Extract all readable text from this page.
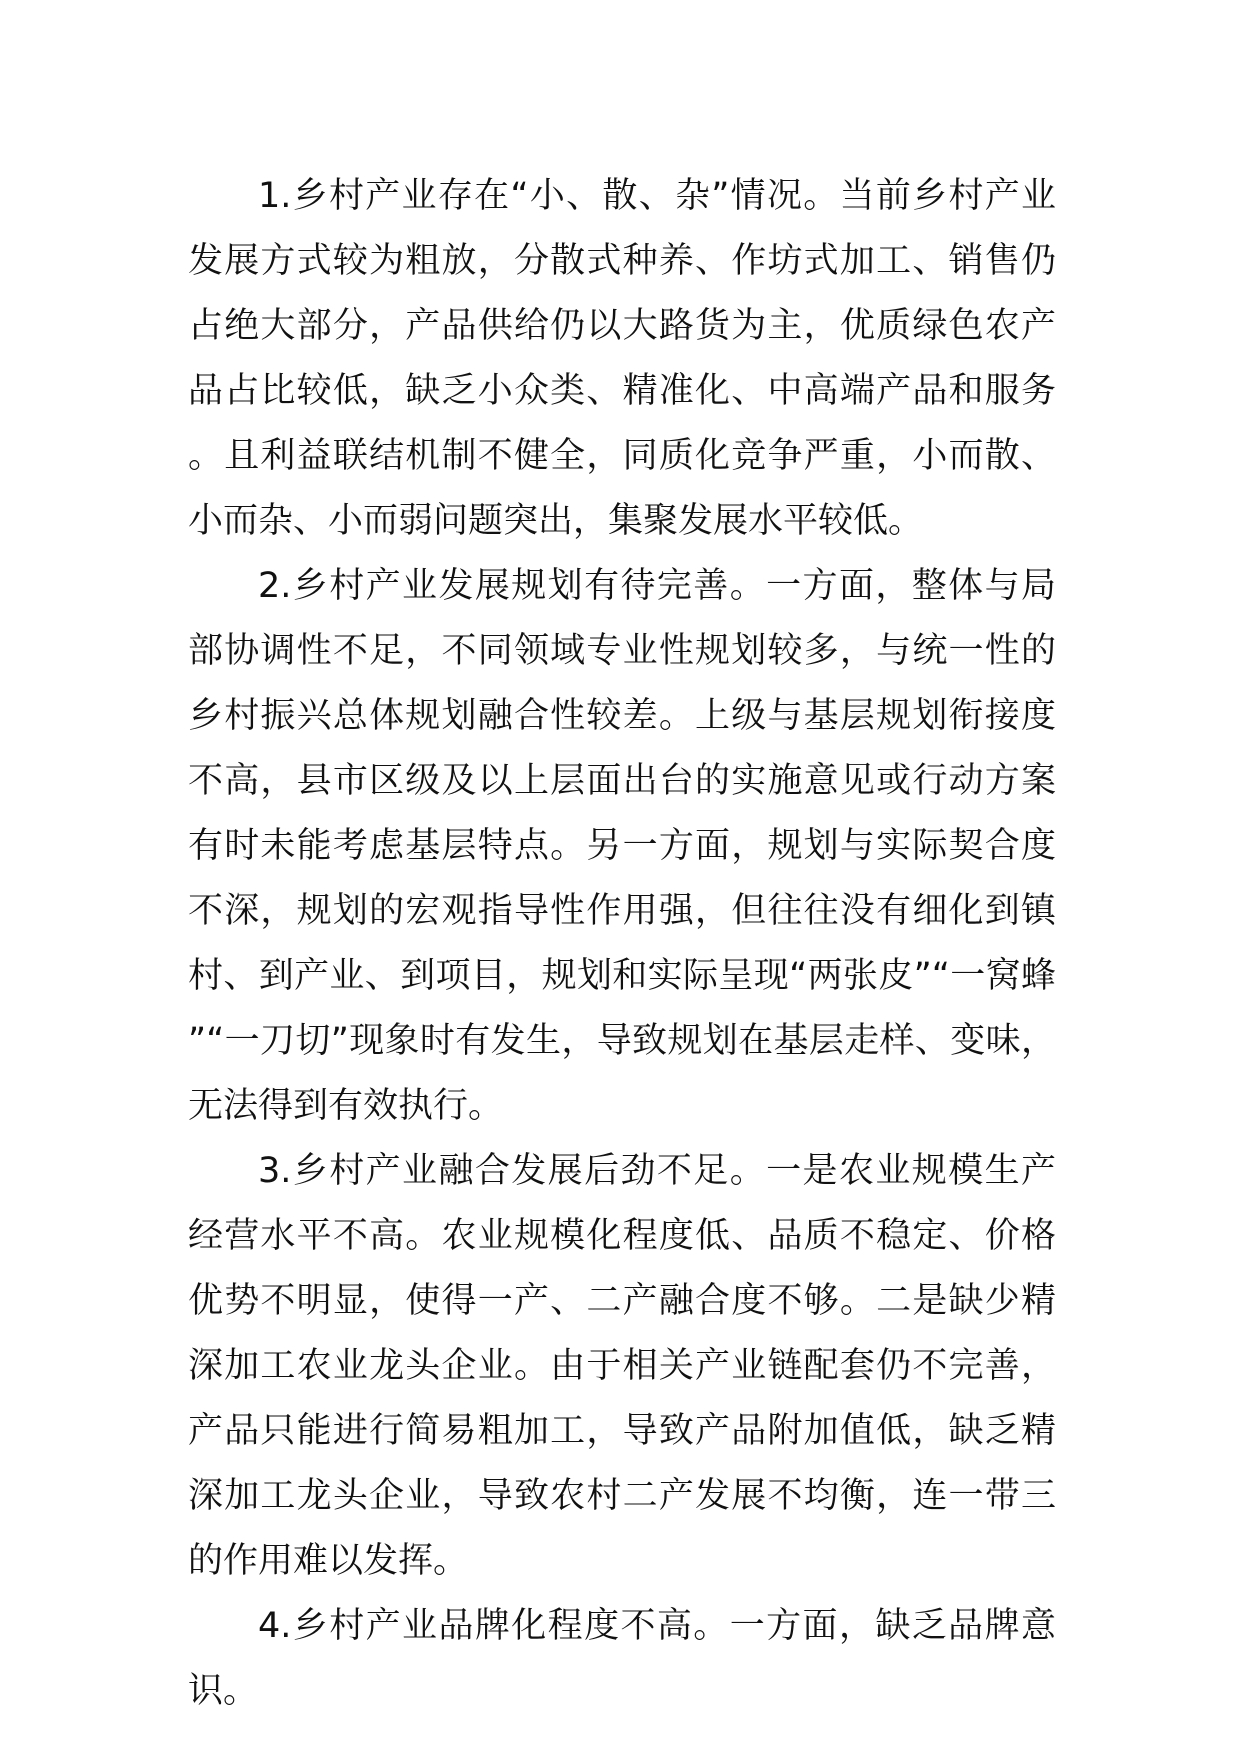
1.乡村产业存在“小、散、杂”情况。当前乡村产业发展方式较为粗放，分散式种养、作坊式加工、销售仍占绝大部分，产品供给仍以大路货为主，优质绿色农产品占比较低，缺乏小众类、精准化、中高端产品和服务。且利益联结机制不健全，同质化竞争严重，小而散、小而杂、小而弱问题突出，集聚发展水平较低。

2.乡村产业发展规划有待完善。一方面，整体与局部协调性不足，不同领域专业性规划较多，与统一性的乡村振兴总体规划融合性较差。上级与基层规划衔接度不高，县市区级及以上层面出台的实施意见或行动方案有时未能考虑基层特点。另一方面，规划与实际契合度不深，规划的宏观指导性作用强，但往往没有细化到镇村、到产业、到项目，规划和实际呈现“两张皮”“一窝蜂”“一刀切”现象时有发生，导致规划在基层走样、变味，无法得到有效执行。

3.乡村产业融合发展后劲不足。一是农业规模生产经营水平不高。农业规模化程度低、品质不稳定、价格优势不明显，使得一产、二产融合度不够。二是缺少精深加工农业龙头企业。由于相关产业链配套仍不完善，产品只能进行简易粗加工，导致产品附加值低，缺乏精深加工龙头企业，导致农村二产发展不均衡，连一带三的作用难以发挥。

4.乡村产业品牌化程度不高。一方面，缺乏品牌意识。
